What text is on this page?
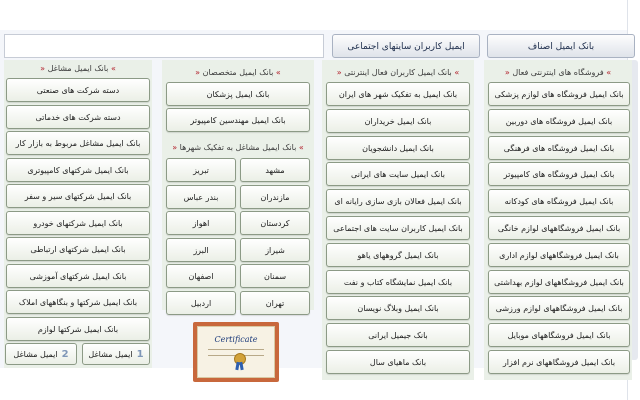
ایمیل کاربران سایتهای اجتماعی	بانک ایمیل اصناف
» فروشگاه های اینترنتی فعال «
بانک ایمیل فروشگاه های لوازم پزشکی
بانک ایمیل فروشگاه های دوربین
بانک ایمیل فروشگاه های فرهنگی
بانک ایمیل فروشگاه های کامپیوتر
بانک ایمیل فروشگاه های کودکانه
بانک ایمیل فروشگاههای لوازم خانگی
بانک ایمیل فروشگاههای لوازم اداری
بانک ایمیل فروشگاههای لوازم بهداشتی
بانک ایمیل فروشگاههای لوازم ورزشی
بانک ایمیل فروشگاههای موبایل
بانک ایمیل فروشگاههای نرم افزار
» بانک ایمیل کاربران فعال اینترنتی «
بانک ایمیل به تفکیک شهر های ایران
بانک ایمیل خریداران
بانک ایمیل دانشجویان
بانک ایمیل سایت های ایرانی
بانک ایمیل فعالان بازی سازی رایانه ای
بانک ایمیل کاربران سایت های اجتماعی
بانک ایمیل گروههای یاهو
بانک ایمیل نمایشگاه کتاب و نفت
بانک ایمیل وبلاگ نویسان
بانک جیمیل ایرانی
بانک ماهیای سال
» بانک ایمیل متخصصان «
بانک ایمیل پزشکان
بانک ایمیل مهندسین کامپیوتر
» بانک ایمیل مشاغل به تفکیک شهرها «
مشهد
تبریز
مازندران
بندر عباس
کردستان
اهواز
شیراز
البرز
سمنان
اصفهان
تهران
اردبیل
» بانک ایمیل مشاغل «
دسته شرکت های صنعتی
دسته شرکت های خدماتی
بانک ایمیل مشاغل مربوط به بازار کار
بانک ایمیل شرکتهای کامپیوتری
بانک ایمیل شرکتهای سیر و سفر
بانک ایمیل شرکتهای خودرو
بانک ایمیل شرکتهای ارتباطی
بانک ایمیل شرکتهای آموزشی
بانک ایمیل شرکتها و بنگاههای املاک
بانک ایمیل شرکتها لوازم
1ایمیل مشاغل
2ایمیل مشاغل
Certificate
